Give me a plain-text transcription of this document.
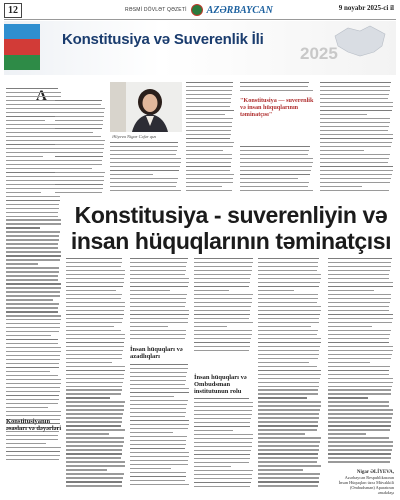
12	RƏSMİ DÖVLƏT QƏZETİ AZƏRBAYCAN	9 noyabr 2025-ci il
Konstitusiya və Suverenlik İli
2025
Konstitusiyanın əsasları və dəyərləri
Əliyeva Nigar Cəfər qızı
İnsan hüquqları və azadlıqları
İnsan hüquqları və Ombudsman institutunun rolu
"Konstitusiya — suverenlik və insan hüquqlarının təminatçısı"
Konstitusiya - suverenliyin və
insan hüquqlarının təminatçısı
Nigar ƏLİYEVA,
Azərbaycan Respublikasının
İnsan Hüquqları üzrə Müvəkkili
(Ombudsman) Aparatının
əməkdaşı
